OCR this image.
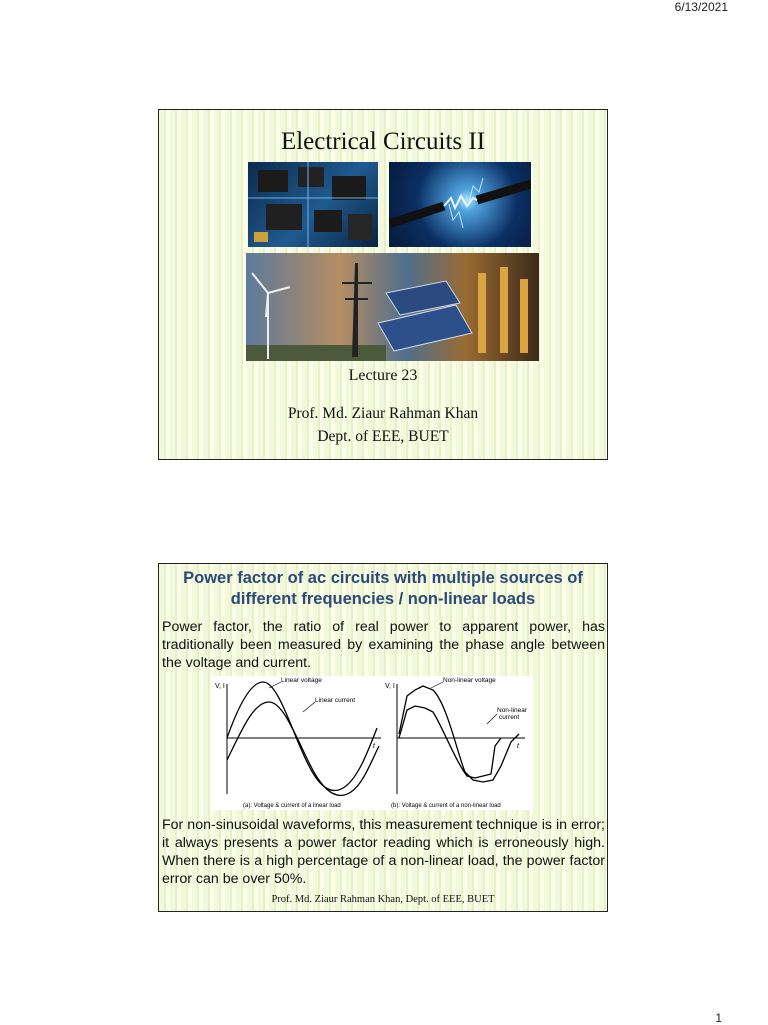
6/13/2021
Electrical Circuits II
Lecture 23
Prof. Md. Ziaur Rahman Khan
Dept. of EEE, BUET
Power factor of ac circuits with multiple sources of
different frequencies / non-linear loads
Power factor, the ratio of real power to apparent power, has traditionally been measured by examining the phase angle between the voltage and current.
V, I
t
Linear voltage
Linear current
(a): Voltage & current of a linear load
V, I
t
Non-linear voltage
Non-linear
current
(b): Voltage & current of a non-linear load
For non-sinusoidal waveforms, this measurement technique is in error; it always presents a power factor reading which is erroneously high. When there is a high percentage of a non-linear load, the power factor error can be over 50%.
Prof. Md. Ziaur Rahman Khan, Dept. of EEE, BUET
1
